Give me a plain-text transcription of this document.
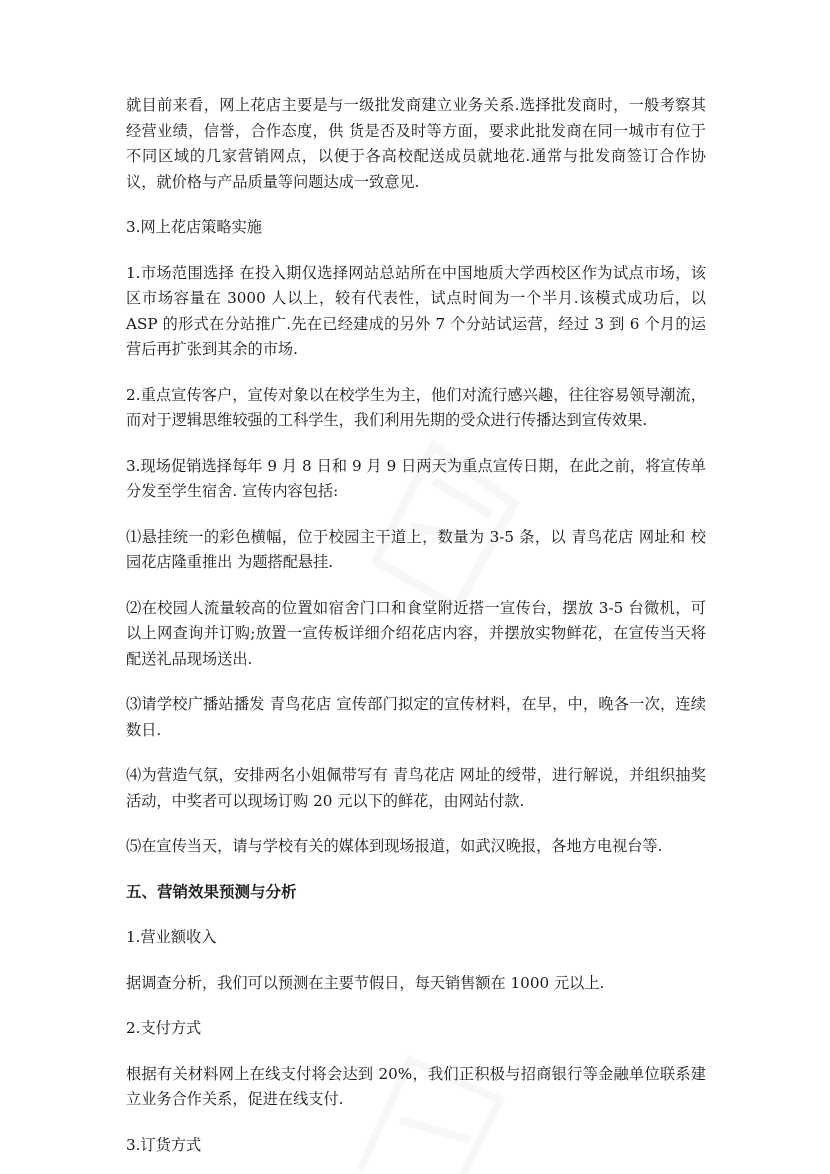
就目前来看，网上花店主要是与一级批发商建立业务关系.选择批发商时，一般考察其经营业绩，信誉，合作态度，供 货是否及时等方面，要求此批发商在同一城市有位于不同区域的几家营销网点，以便于各高校配送成员就地花.通常与批发商签订合作协议，就价格与产品质量等问题达成一致意见.

3.网上花店策略实施

1.市场范围选择 在投入期仅选择网站总站所在中国地质大学西校区作为试点市场，该区市场容量在 3000 人以上，较有代表性，试点时间为一个半月.该模式成功后，以 ASP 的形式在分站推广.先在已经建成的另外 7 个分站试运营，经过 3 到 6 个月的运营后再扩张到其余的市场.

2.重点宣传客户，宣传对象以在校学生为主，他们对流行感兴趣，往往容易领导潮流，而对于逻辑思维较强的工科学生，我们利用先期的受众进行传播达到宣传效果.

3.现场促销选择每年 9 月 8 日和 9 月 9 日两天为重点宣传日期，在此之前，将宣传单分发至学生宿舍. 宣传内容包括:

⑴悬挂统一的彩色横幅，位于校园主干道上，数量为 3-5 条，以 青鸟花店 网址和 校园花店隆重推出 为题搭配悬挂.

⑵在校园人流量较高的位置如宿舍门口和食堂附近搭一宣传台，摆放 3-5 台微机，可以上网查询并订购;放置一宣传板详细介绍花店内容，并摆放实物鲜花，在宣传当天将配送礼品现场送出.

⑶请学校广播站播发 青鸟花店 宣传部门拟定的宣传材料，在早，中，晚各一次，连续数日.

⑷为营造气氛，安排两名小姐佩带写有 青鸟花店 网址的绶带，进行解说，并组织抽奖活动，中奖者可以现场订购 20 元以下的鲜花，由网站付款.

⑸在宣传当天，请与学校有关的媒体到现场报道，如武汉晚报，各地方电视台等.

五、营销效果预测与分析

1.营业额收入

据调查分析，我们可以预测在主要节假日，每天销售额在 1000 元以上.

2.支付方式

根据有关材料网上在线支付将会达到 20%，我们正积极与招商银行等金融单位联系建立业务合作关系，促进在线支付.

3.订货方式
